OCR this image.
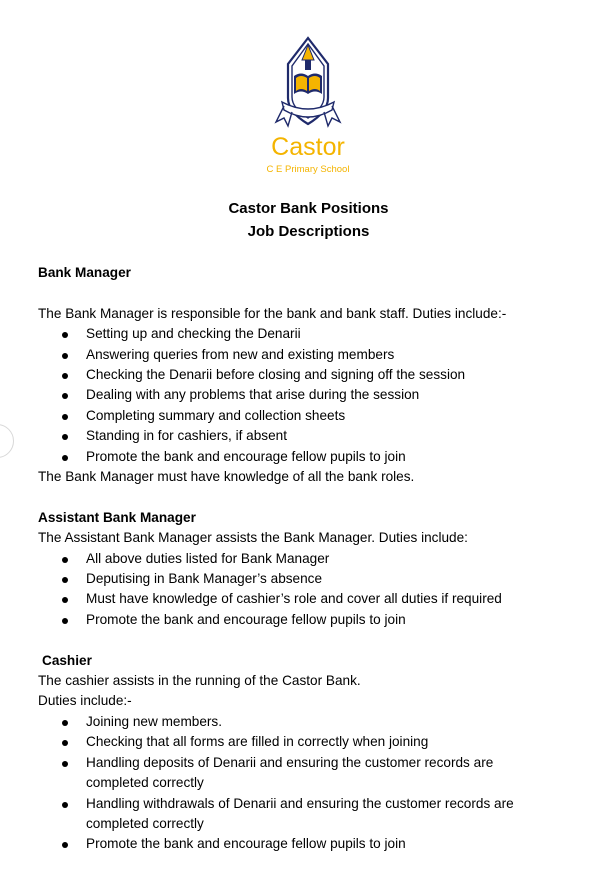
Castor
C E Primary School
Castor Bank Positions
Job Descriptions
Bank Manager
The Bank Manager is responsible for the bank and bank staff. Duties include:-
Setting up and checking the Denarii
Answering queries from new and existing members
Checking the Denarii before closing and signing off the session
Dealing with any problems that arise during the session
Completing summary and collection sheets
Standing in for cashiers, if absent
Promote the bank and encourage fellow pupils to join
The Bank Manager must have knowledge of all the bank roles.
Assistant Bank Manager
The Assistant Bank Manager assists the Bank Manager. Duties include:
All above duties listed for Bank Manager
Deputising in Bank Manager’s absence
Must have knowledge of cashier’s role and cover all duties if required
Promote the bank and encourage fellow pupils to join
Cashier
The cashier assists in the running of the Castor Bank.
Duties include:-
Joining new members.
Checking that all forms are filled in correctly when joining
Handling deposits of Denarii and ensuring the customer records are completed correctly
Handling withdrawals of Denarii and ensuring the customer records are completed correctly
Promote the bank and encourage fellow pupils to join
